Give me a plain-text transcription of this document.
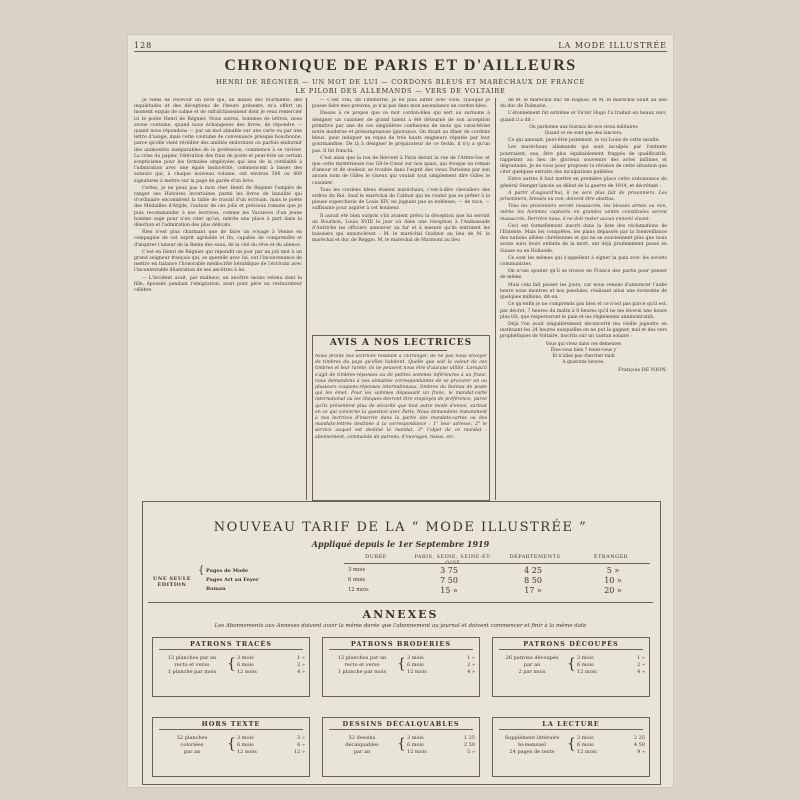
128	LA MODE ILLUSTRÉE
CHRONIQUE DE PARIS ET D'AILLEURS
HENRI DE RÉGNIER — UN MOT DE LUI — CORDONS BLEUS ET MARÉCHAUX DE FRANCE
LE PILORI DES ALLEMANDS — VERS DE VOLTAIRE

Je viens de recevoir un livre qui, au milieu des tourments, des inquiétudes et des déceptions de l'heure présente, m'a offert un moment exquis de calme et de rafraîchissement dont je veux remercier ici le poète Henri de Régnier. Nous autres, hommes de lettres, nous avons coutume, quand nous échangeons des livres, de répondre — quand nous répondons — par un mot aimable sur une carte ou par une lettre d'usage, mais cette coutume de convenance presque bouchonne, parce qu'elle vient révéiller des amitiés endormies ou parfois endormir des animosités inséparables de la profession, commence à se raviver. La crise du papier, l'élévation des frais de poste et peut-être un certain scepticisme pour les formules employées qui issu de la cordialité à l'admiration avec une égale insincérité, commencent à lasser des auteurs qui, à chaque nouveau volume, ont environ 300 ou 400 signatures à mettre sur la page de garde d'un livre.

Certes, je ne peux pas à mon cher Henri de Régnier l'empire de ranger ses Histoires incertaines parmi les livres de banalité qui d'ordinaire encombrent la table de travail d'un écrivain, mais le poète des Médailles d'Argile, l'auteur de ces jolis et précieux romans que je puis recommander à nos lectrices, comme les Vacances d'un jeune homme sage pour n'en citer qu'un, mérite une place à part dans la dilection et l'admiration des plus délicats.

Rien n'est plus charmant que de faire un voyage à Venise en compagnie de cet esprit agréable et fin, capable de comprendre et d'inspirer l'amour de la Reine des eaux, de la cité du rêve et du silence.

C'est en Henri de Régnier qui répondit un jour par un joli mot à un grand seigneur français qui, se querelle avec lui, eut l'inconvenance de mettre en balance l'honorable médiocrité héraldique de l'écrivain avec l'incontestable illustration de ses ancêtres à lui.

— L'incident avait, par malheur, un ancêtre moins retenu dont la fille, épousée pendant l'émigration, avait pour père un restaurateur célèbre.

— C'est vrai, dit l'immortel, je ne puis lutter avec vous. Quoique je puisse faire mes preuves, je n'ai pas dans mon ascendance un cordon-bleu.

Disons à ce propos que ce mot cordon-bleu qui sert au surnoms à désigner un cuisinier de grand talent a été détourné de son acception primitive par une de ces singulières confusions de mots qui caractérise notre moderne et présomptueuse ignorance. On disait au dîner de cordons bleus, pour indiquer un repas de très hauts seigneurs réputés par leur gourmandise. De là à désigner le préparateur de ce festin, il n'y a qu'un pas. Il fut franchi.

C'est ainsi que la rue de Bercent à Paris devint la rue de l'Arbre-Sec et que cette mystérieuse rue Gît-le-Cœur sur nos quais, qui évoque un roman d'amour et de douleur, se trouble dans l'esprit des vieux Parisiens par son ancien nom de Gilles le Gueux qui voulait tout simplement dire Gilles le cuisinier.

Tous les cordons bleus étaient maréchaux, c'est-à-dire chevaliers des ordres du Roi. Sauf le maréchal de Catinat qui ne voulut pas se prêter à la pieuse supercherie de Louis XIV, ne jugeant pas sa noblesse, — de race, — suffisante pour aspirer à cet honneur.

Il aurait été bien surpris s'ils avaient prévu la déception que lui servait un Bourbon, Louis XVIII le jour où dans une réception à l'Ambassade d'Autriche les officiers annoncer au fur et à mesure qu'ils entraient les huissiers qui annoncèrent : M. le maréchal Oudinot au lieu de M. le maréchal et duc de Reggio, M. le maréchal de Marmont au lieu

AVIS A NOS LECTRICES
Nous prions nos lectrices résidant à l'Étranger, de ne pas nous envoyer de timbres du pays qu'elles habitent. Quelle que soit la valeur de ces timbres et leur rareté, ils ne peuvent nous être d'aucune utilité. Lorsqu'il s'agit de timbres-réponses ou de petites sommes inférieures à un franc, nous demandons à nos aimables correspondantes de se procurer un ou plusieurs coupons-réponses internationaux, timbres du bureau de poste qui les émet. Pour les sommes dépassant un franc, le mandat-carte international ou les chèques devront être employés de préférence, parce qu'ils présentent plus de sécurité que tout autre mode d'envoi, surtout en ce qui concerne la question avec Paris. Nous demandons instamment à nos lectrices d'inscrire dans la partie des mandats-cartes ou des mandats-lettres destinée à la correspondance : 1° leur adresse, 2° le service auquel est destiné le mandat, 3° l'objet de ce mandat : abonnement, commande de patrons, d'ouvrages, tissus, etc.

de M. le maréchal duc de Raguse, et M. le maréchal Soult au lieu du duc de Dalmatie.

L'étonnement fut extrême et Victor Hugo l'a traduit en beaux vers, quand il a dit :

On pardonne aux fourmis de nos vieux militaires
Quand ce ne sont que des lanciers.

Ce qui amusait, peut-être justement, le roi Louis de cette insulte.

Les maréchaux allemands qui sont inculpés par l'entente pourraient, eux, être plus équitablement frappés de qualificatifs, rappelant au lieu de glorieux souvenirs des actes infâmes et dégradants. Je ne vous pour proposer la révision de cette situation que citer quelques extraits des inculpations publiées.

Entre autres il faut mettre en première place cette ordonnance du général Stenger lancée au début de la guerre de 1914, et décrétant :

A partir d'aujourd'hui, il ne sera plus fait de prisonniers. Les prisonniers, blessés ou non, doivent être abattus.

Tous les prisonniers seront massacrés, les blessés armés ou non, même les hommes capturés en grandes unités constituées seront massacrés. Derrière nous, il ne doit rester aucun ennemi vivant.

Ceci est formellement inscrit dans la liste des réclamations de l'Entente. Mais les conquêtes, les plans dépassés par la bienveillance des nations alliées chrétiennes et qui ne se souviennent plus que nous avons suivi leurs enfants de la mort, ont déjà prudemment passé en Suisse ou en Hollande.

Ce sont les mêmes qui s'appellent à signer la paix avec les soviets communistes.

On n'ose ajouter qu'il se trouve en France des partis pour penser de même.

Mais cela fait passer les jours, car nous venons d'annoncer l'aube heure nous montres et nos pendules, réalisant ainsi une économie de quelques millions, dit-on.

Ce qu'enfin je ne comprends pas bien et ce n'est pas parce qu'il est, par décret, 7 heures du matin à 8 heures qu'il ne me lèverai une heure plus tôt, que respecteront le pain et les règlements administratifs.

Déjà l'on avait singulièrement déconcerté ma vieille jugeotte en instituant les 24 heures auxquelles on ne put la gagner, mal et des vers prophétiques de Voltaire, inscrits sur un cadran solaire :

Vous qui vivez dans ces demeures
Êtes-vous bien ? tenez-vous y
Et n'allez pas chercher midi
A quatorze heures.
François DE NION.
NOUVEAU TARIF DE LA “ MODE ILLUSTRÉE ”
Appliqué depuis le 1er Septembre 1919
DURÉE	PARIS, SEINE, SEINE-ET-	DÉPARTEMENTS	ÉTRANGER
UNE SEULE ÉDITION
{ Pages de Mode
Pages Art au Foyer
Roman
3 mois	3 75	4 25	5 »
6 mois	7 50	8 50	10 »
12 mois	15 »	17 »	20 »
ANNEXES
Les Abonnements aux Annexes doivent avoir la même durée que l'abonnement au journal et doivent commencer et finir à la même date
PATRONS TRACÉS
12 planches par an
recto et verso
1 planche par mois { 3 mois	1 »
6 mois	2 »
12 mois	4 »
PATRONS BRODERIES
12 planches par an
recto et verso
1 planche par mois { 3 mois	1 »
6 mois	2 »
12 mois	4 »
PATRONS DÉCOUPÉS
26 patrons découpés
par an
2 par mois	{ 3 mois	1 »
6 mois	2 »
12 mois	4 »
HORS TEXTE
52 planches
coloriées
par an	{ 3 mois	3 »
6 mois	6 »
12 mois	12 »
DESSINS DÉCALQUABLES
52 dessins
décalquables
par an	{ 3 mois	1 25
6 mois	2 50
12 mois	5 »
LA LECTURE
Supplément littéraire
bi-mensuel
24 pages de texte { 3 mois	2 25
6 mois	4 50
12 mois	9 »
